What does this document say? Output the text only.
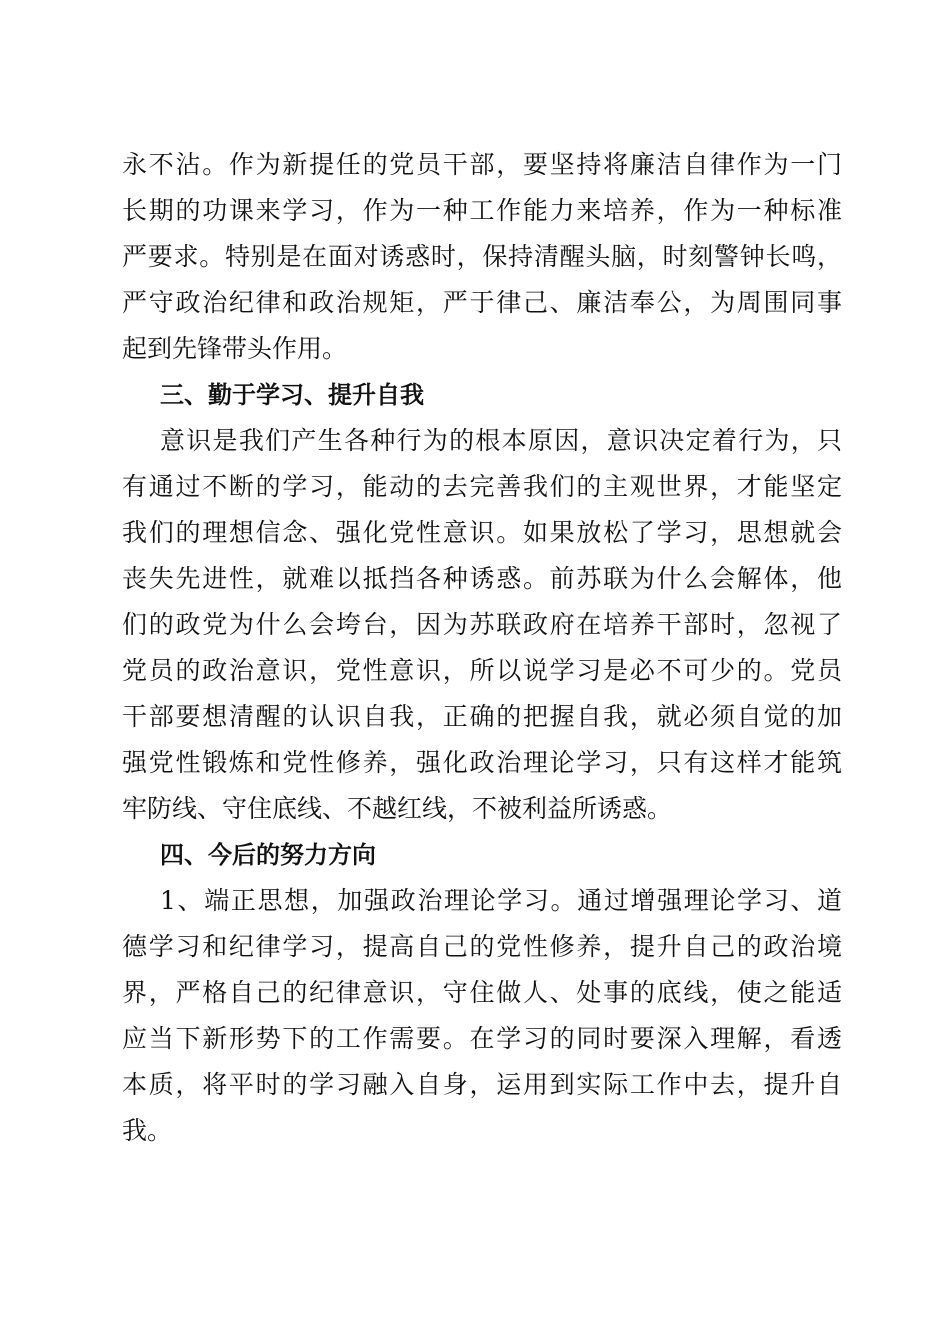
永不沾。作为新提任的党员干部，要坚持将廉洁自律作为一门
长期的功课来学习，作为一种工作能力来培养，作为一种标准
严要求。特别是在面对诱惑时，保持清醒头脑，时刻警钟长鸣，
严守政治纪律和政治规矩，严于律己、廉洁奉公，为周围同事
起到先锋带头作用。
三、勤于学习、提升自我
意识是我们产生各种行为的根本原因，意识决定着行为，只
有通过不断的学习，能动的去完善我们的主观世界，才能坚定
我们的理想信念、强化党性意识。如果放松了学习，思想就会
丧失先进性，就难以抵挡各种诱惑。前苏联为什么会解体，他
们的政党为什么会垮台，因为苏联政府在培养干部时，忽视了
党员的政治意识，党性意识，所以说学习是必不可少的。党员
干部要想清醒的认识自我，正确的把握自我，就必须自觉的加
强党性锻炼和党性修养，强化政治理论学习，只有这样才能筑
牢防线、守住底线、不越红线，不被利益所诱惑。
四、今后的努力方向
1、端正思想，加强政治理论学习。通过增强理论学习、道
德学习和纪律学习，提高自己的党性修养，提升自己的政治境
界，严格自己的纪律意识，守住做人、处事的底线，使之能适
应当下新形势下的工作需要。在学习的同时要深入理解，看透
本质，将平时的学习融入自身，运用到实际工作中去，提升自
我。
